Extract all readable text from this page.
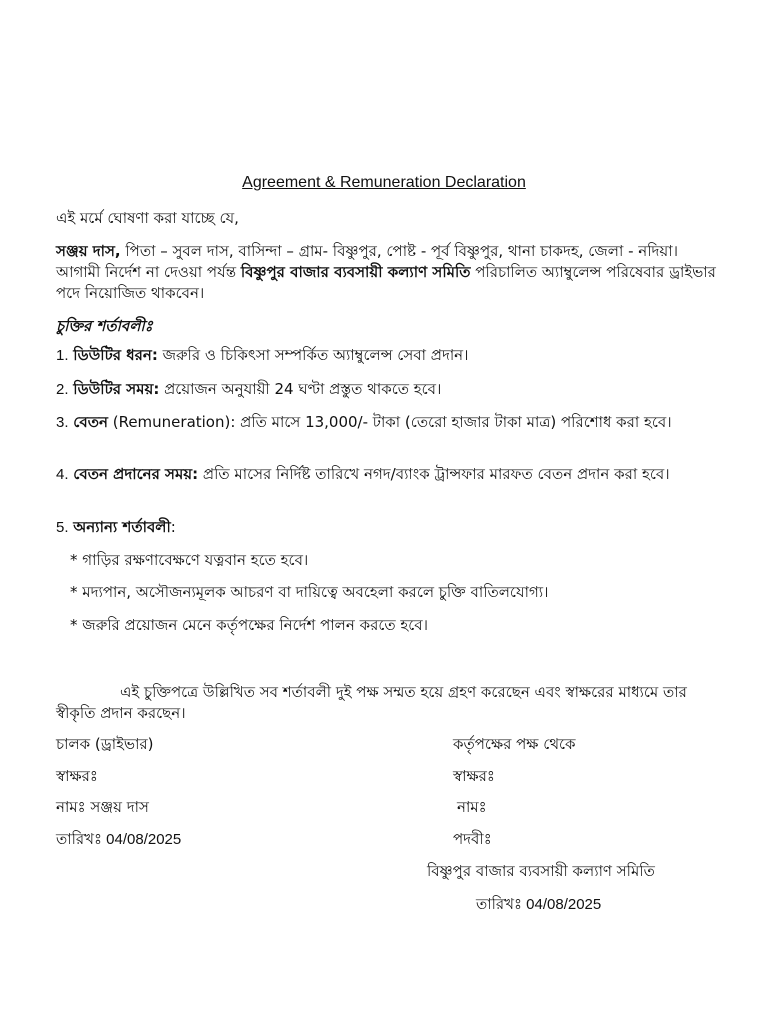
Agreement & Remuneration Declaration
এই মর্মে ঘোষণা করা যাচ্ছে যে,
সঞ্জয় দাস, পিতা – সুবল দাস, বাসিন্দা – গ্রাম- বিষ্ণুপুর, পোষ্ট - পূর্ব বিষ্ণুপুর, থানা চাকদহ, জেলা - নদিয়া। আগামী নির্দেশ না দেওয়া পর্যন্ত বিষ্ণুপুর বাজার ব্যবসায়ী কল্যাণ সমিতি পরিচালিত অ্যাম্বুলেন্স পরিষেবার ড্রাইভার পদে নিয়োজিত থাকবেন।
চুক্তির শর্তাবলীঃ
1. ডিউটির ধরন: জরুরি ও চিকিৎসা সম্পর্কিত অ্যাম্বুলেন্স সেবা প্রদান।
2. ডিউটির সময়: প্রয়োজন অনুযায়ী 24 ঘণ্টা প্রস্তুত থাকতে হবে।
3. বেতন (Remuneration): প্রতি মাসে 13,000/- টাকা (তেরো হাজার টাকা মাত্র) পরিশোধ করা হবে।
4. বেতন প্রদানের সময়: প্রতি মাসের নির্দিষ্ট তারিখে নগদ/ব্যাংক ট্রান্সফার মারফত বেতন প্রদান করা হবে।
5. অন্যান্য শর্তাবলী:
* গাড়ির রক্ষণাবেক্ষণে যত্নবান হতে হবে।
* মদ্যপান, অসৌজন্যমূলক আচরণ বা দায়িত্বে অবহেলা করলে চুক্তি বাতিলযোগ্য।
* জরুরি প্রয়োজন মেনে কর্তৃপক্ষের নির্দেশ পালন করতে হবে।
এই চুক্তিপত্রে উল্লিখিত সব শর্তাবলী দুই পক্ষ সম্মত হয়ে গ্রহণ করেছেন এবং স্বাক্ষরের মাধ্যমে তার স্বীকৃতি প্রদান করছেন।
চালক (ড্রাইভার)
স্বাক্ষরঃ
নামঃ সঞ্জয় দাস
তারিখঃ 04/08/2025
কর্তৃপক্ষের পক্ষ থেকে
স্বাক্ষরঃ
নামঃ
পদবীঃ
বিষ্ণুপুর বাজার ব্যবসায়ী কল্যাণ সমিতি
তারিখঃ 04/08/2025
